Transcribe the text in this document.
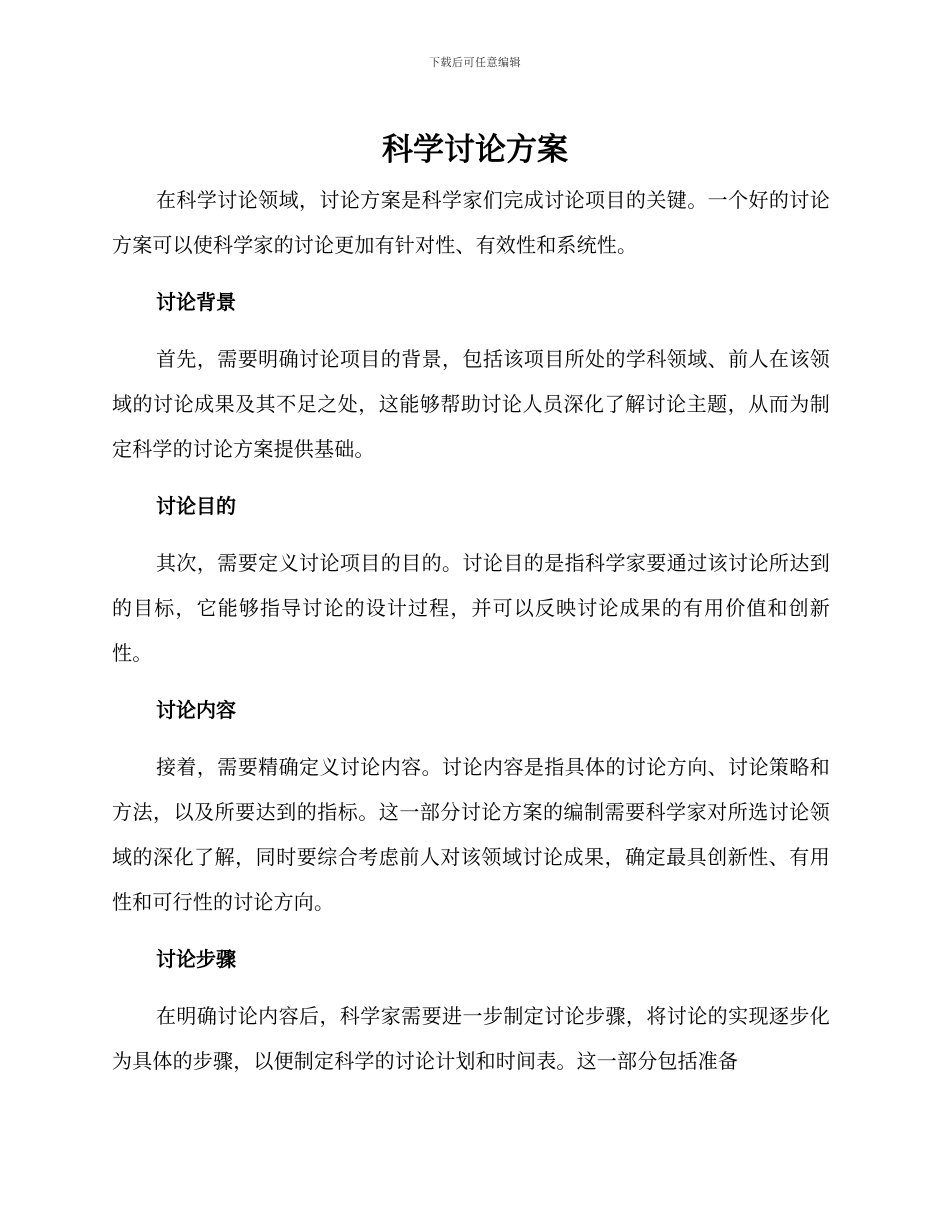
下载后可任意编辑
科学讨论方案

在科学讨论领域，讨论方案是科学家们完成讨论项目的关键。一个好的讨论方案可以使科学家的讨论更加有针对性、有效性和系统性。

讨论背景

首先，需要明确讨论项目的背景，包括该项目所处的学科领域、前人在该领域的讨论成果及其不足之处，这能够帮助讨论人员深化了解讨论主题，从而为制定科学的讨论方案提供基础。

讨论目的

其次，需要定义讨论项目的目的。讨论目的是指科学家要通过该讨论所达到的目标，它能够指导讨论的设计过程，并可以反映讨论成果的有用价值和创新性。

讨论内容

接着，需要精确定义讨论内容。讨论内容是指具体的讨论方向、讨论策略和方法，以及所要达到的指标。这一部分讨论方案的编制需要科学家对所选讨论领域的深化了解，同时要综合考虑前人对该领域讨论成果，确定最具创新性、有用性和可行性的讨论方向。

讨论步骤

在明确讨论内容后，科学家需要进一步制定讨论步骤，将讨论的实现逐步化为具体的步骤，以便制定科学的讨论计划和时间表。这一部分包括准备
